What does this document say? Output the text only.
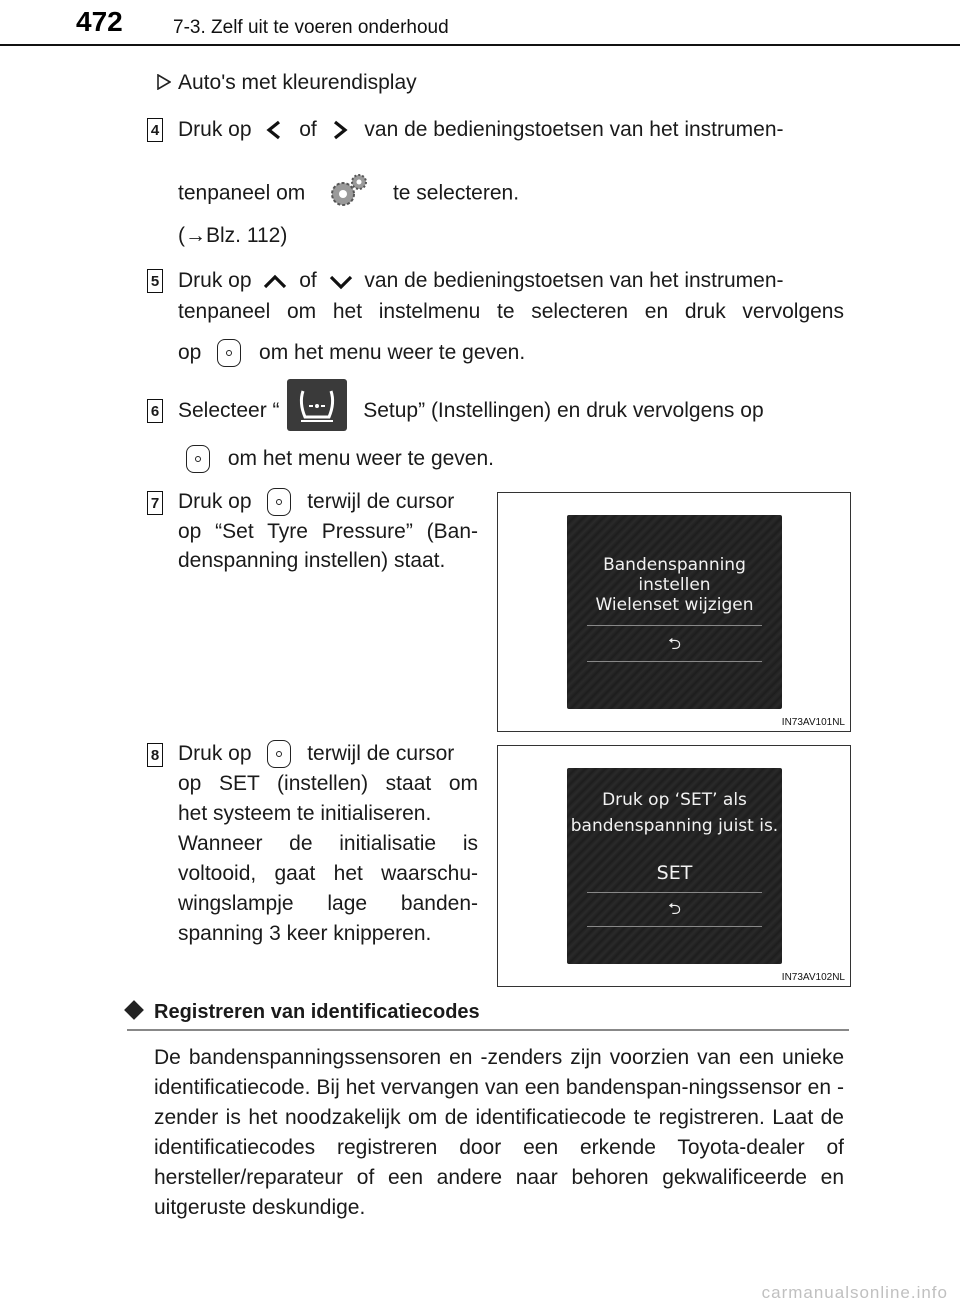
472	7-3. Zelf uit te voeren onderhoud
Auto's met kleurendisplay
4 Druk op of van de bedieningstoetsen van het instrumen-
tenpaneel om	te selecteren.
(→Blz. 112)
5 Druk op of van de bedieningstoetsen van het instrumen-
tenpaneel om het instelmenu te selecteren en druk vervolgens
op	om het menu weer te geven.
6 Selecteer “	Setup” (Instellingen) en druk vervolgens op
om het menu weer te geven.
7 Druk op	terwijl de cursor
op “Set Tyre Pressure” (Ban-
denspanning instellen) staat.	Bandenspanning instellen
Wielenset wijzigen
⮌
IN73AV101NL
8 Druk op	terwijl de cursor
op SET (instellen) staat om
het systeem te initialiseren.
Wanneer de initialisatie is
voltooid, gaat het waarschu-
wingslampje lage banden-
spanning 3 keer knipperen.
Druk op ‘SET’ als
bandenspanning juist is.
SET
⮌
IN73AV102NL
Registreren van identificatiecodes
De bandenspanningssensoren en -zenders zijn voorzien van een unieke identificatiecode. Bij het vervangen van een bandenspan-ningssensor en -zender is het noodzakelijk om de identificatiecode te registreren. Laat de identificatiecodes registreren door een erkende Toyota-dealer of hersteller/reparateur of een andere naar behoren gekwalificeerde en uitgeruste deskundige.
carmanualsonline.info
